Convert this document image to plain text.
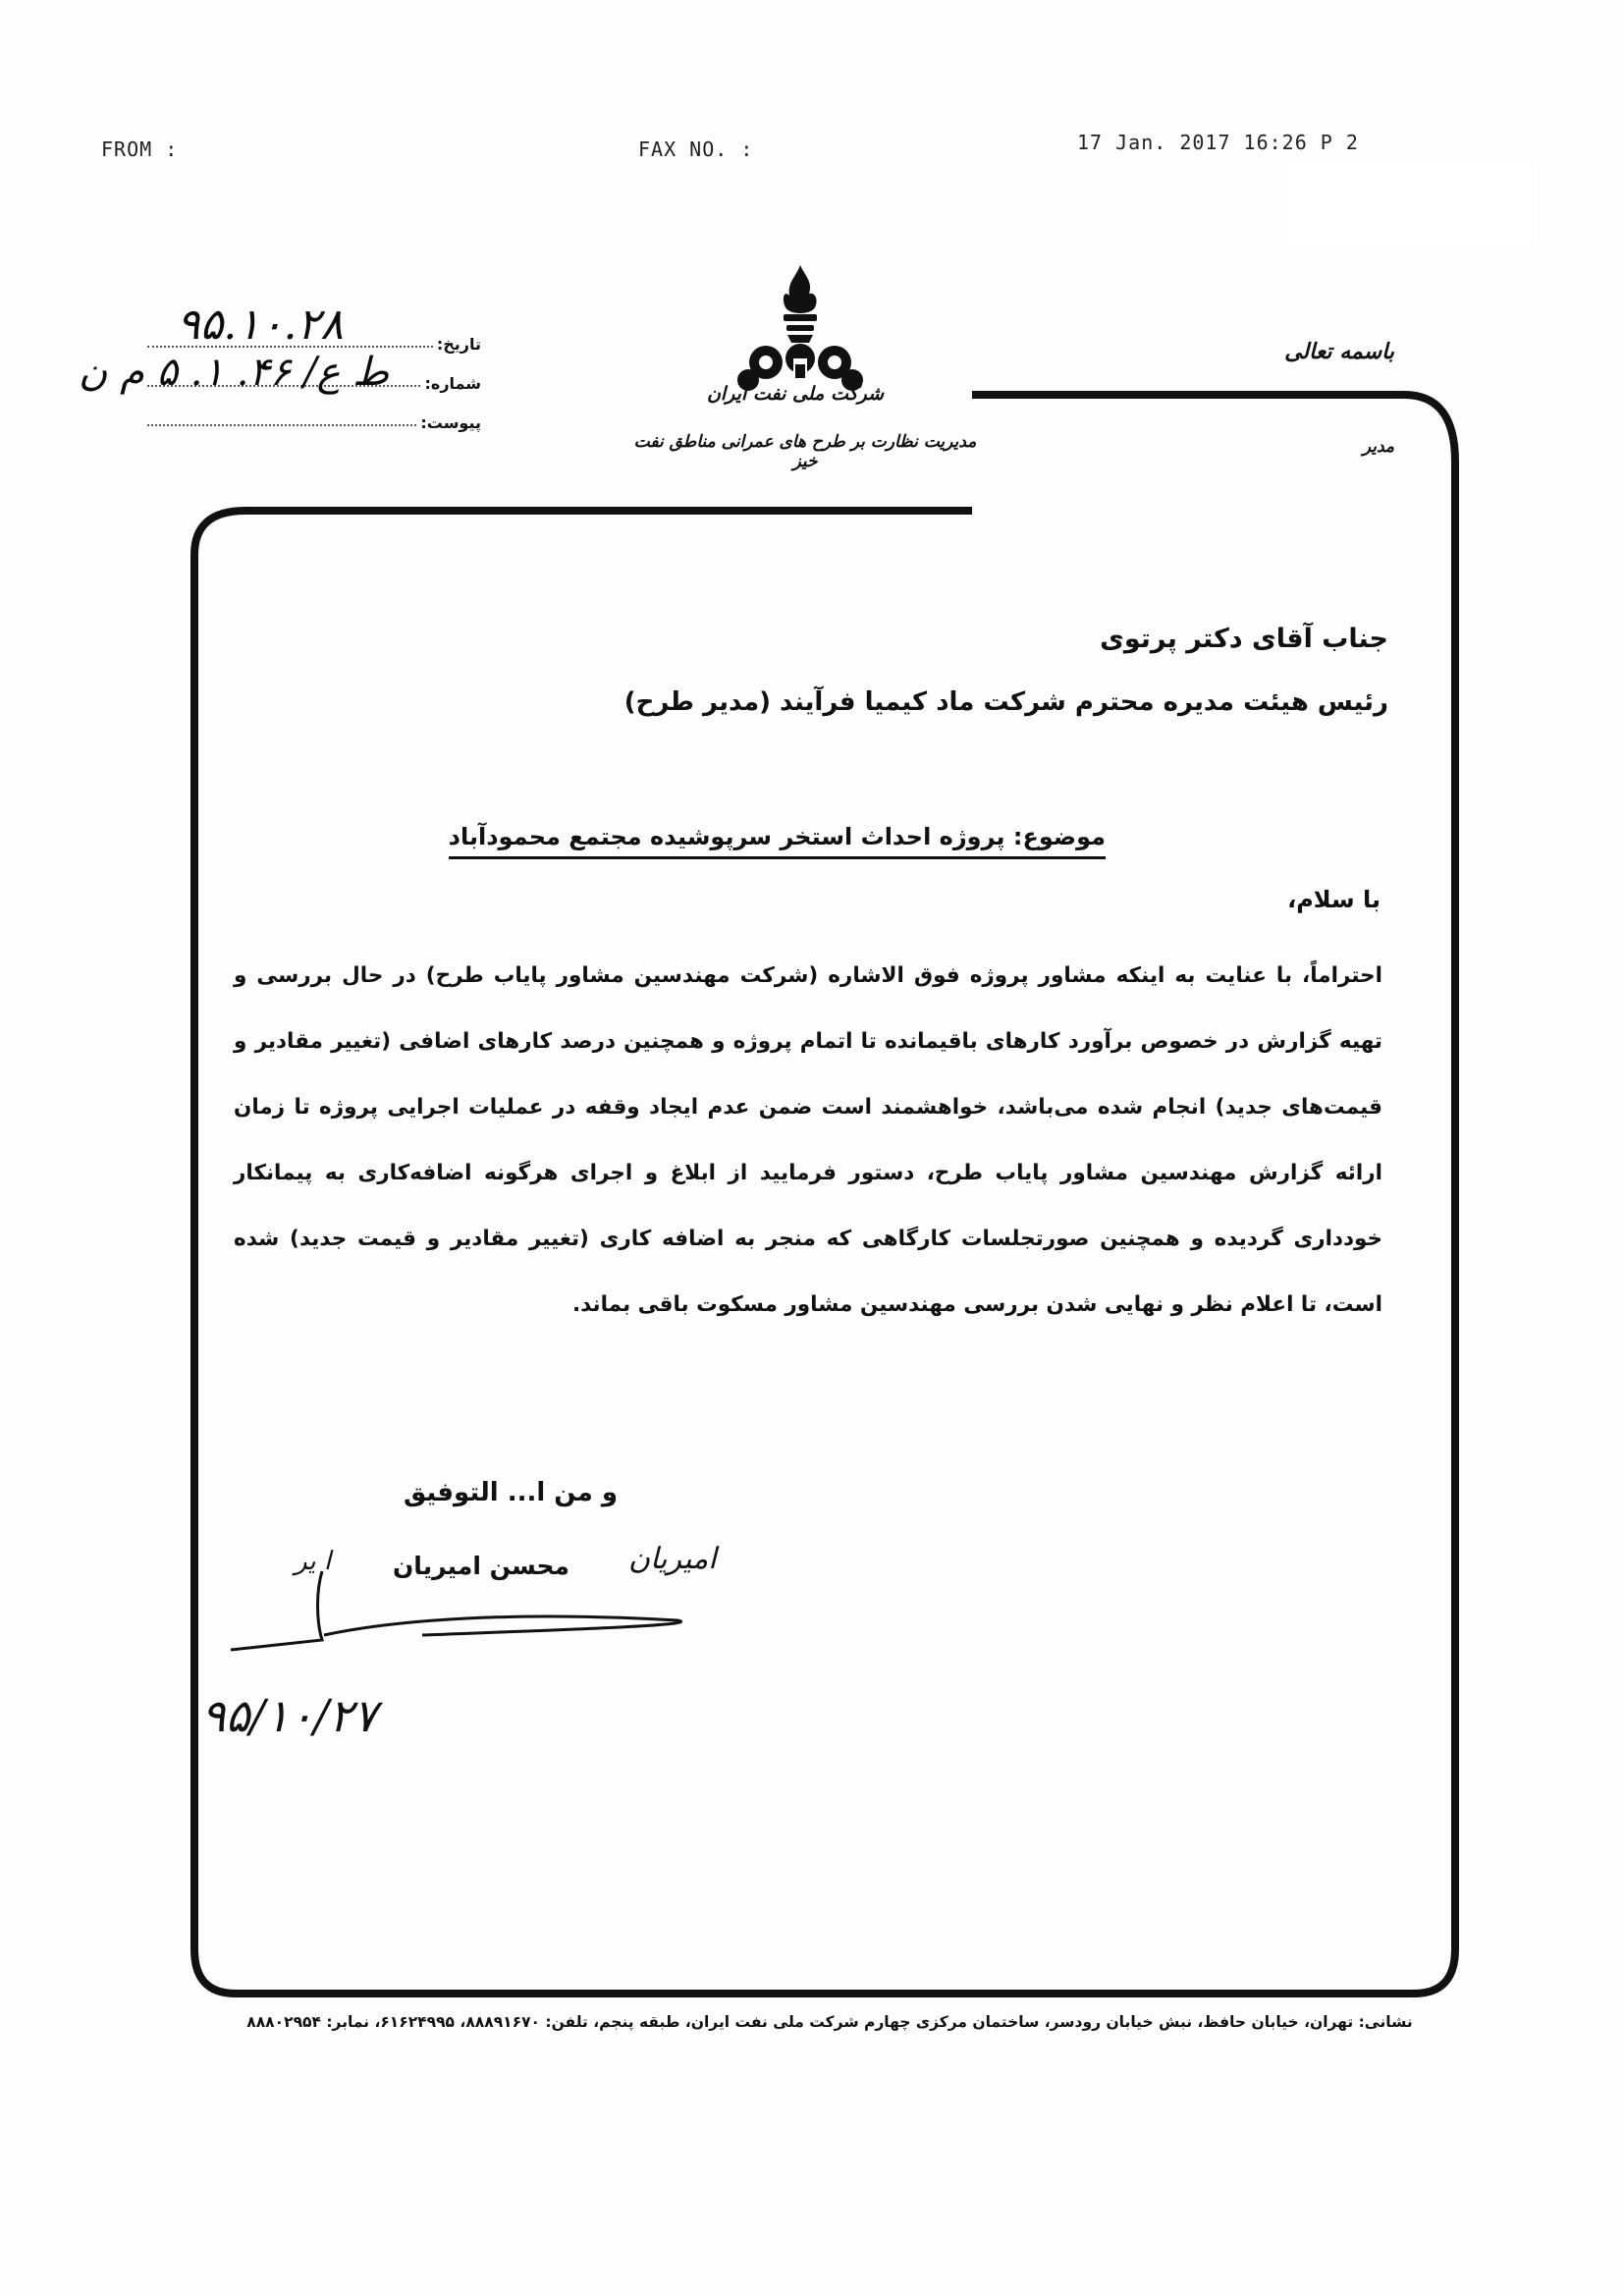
FROM :	FAX NO. :	17 Jan. 2017 16:26 P 2
تاریخ:
۹۵.۱۰.۲۸
شماره:
ط ع/ ۴۶. ۱. ۵ م ن
پیوست:
شرکت ملی نفت ایران
مدیریت نظارت بر طرح های عمرانی مناطق نفت خیز
باسمه تعالی
مدیر
جناب آقای دکتر پرتوی
رئیس هیئت مدیره محترم شرکت ماد کیمیا فرآیند (مدیر طرح)
موضوع: پروژه احداث استخر سرپوشیده مجتمع محمودآباد
با سلام،
احتراماً، با عنایت به اینکه مشاور پروژه فوق الاشاره (شرکت مهندسین مشاور پایاب طرح) در حال بررسی و تهیه گزارش در خصوص برآورد کارهای باقیمانده تا اتمام پروژه و همچنین درصد کارهای اضافی (تغییر مقادیر و قیمت‌های جدید) انجام شده می‌باشد، خواهشمند است ضمن عدم ایجاد وقفه در عملیات اجرایی پروژه تا زمان ارائه گزارش مهندسین مشاور پایاب طرح، دستور فرمایید از ابلاغ و اجرای هرگونه اضافه‌کاری به پیمانکار خودداری گردیده و همچنین صورتجلسات کارگاهی که منجر به اضافه کاری (تغییر مقادیر و قیمت جدید) شده است، تا اعلام نظر و نهایی شدن بررسی مهندسین مشاور مسکوت باقی بماند.
و من ا... التوفیق
محسن امیریان	امیریان
ا یر
۹۵/۱۰/۲۷
نشانی: تهران، خیابان حافظ، نبش خیابان رودسر، ساختمان مرکزی چهارم شرکت ملی نفت ایران، طبقه پنجم، تلفن: ۸۸۸۹۱۶۷۰، ۶۱۶۲۴۹۹۵، نمابر: ۸۸۸۰۲۹۵۴
